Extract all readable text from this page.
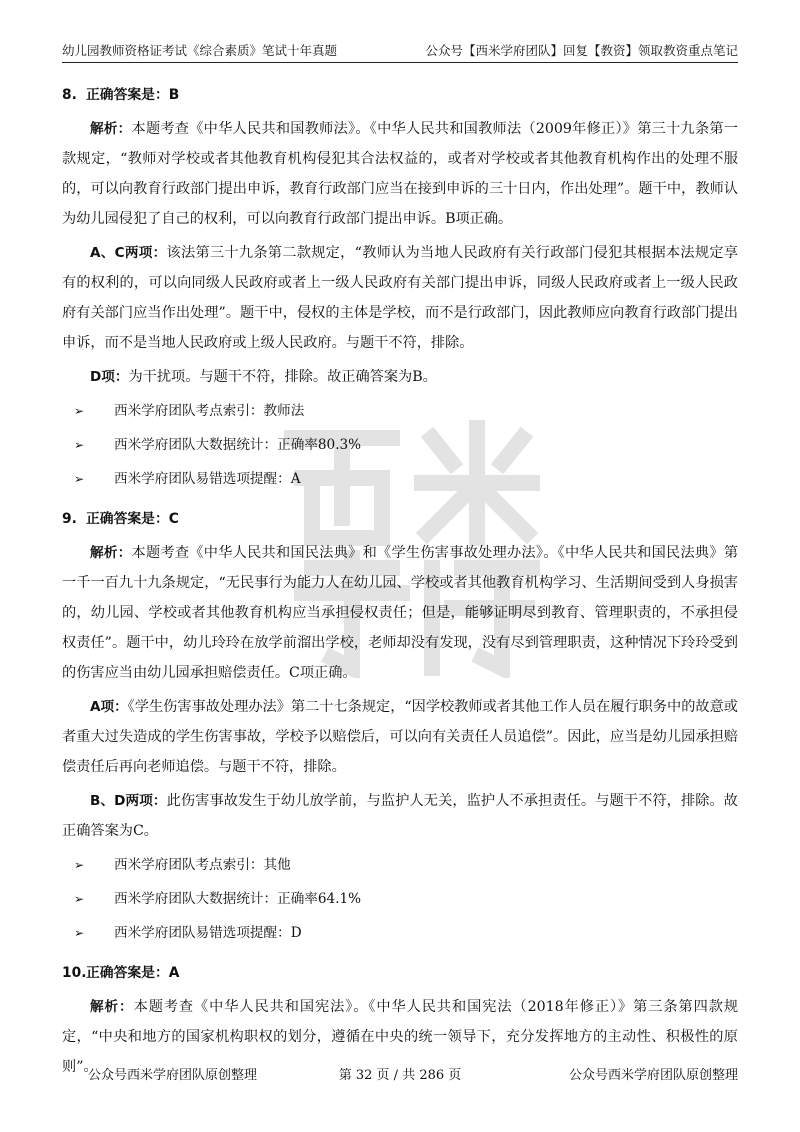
幼儿园教师资格证考试《综合素质》笔试十年真题	公众号【西米学府团队】回复【教资】领取教资重点笔记

8. 正确答案是：B

解析：本题考查《中华人民共和国教师法》。《中华人民共和国教师法（2009年修正）》第三十九条第一款规定，“教师对学校或者其他教育机构侵犯其合法权益的，或者对学校或者其他教育机构作出的处理不服的，可以向教育行政部门提出申诉，教育行政部门应当在接到申诉的三十日内，作出处理”。题干中，教师认为幼儿园侵犯了自己的权利，可以向教育行政部门提出申诉。B项正确。

A、C两项：该法第三十九条第二款规定，“教师认为当地人民政府有关行政部门侵犯其根据本法规定享有的权利的，可以向同级人民政府或者上一级人民政府有关部门提出申诉，同级人民政府或者上一级人民政府有关部门应当作出处理”。题干中，侵权的主体是学校，而不是行政部门，因此教师应向教育行政部门提出申诉，而不是当地人民政府或上级人民政府。与题干不符，排除。

D项：为干扰项。与题干不符，排除。故正确答案为B。

➢ 西米学府团队考点索引：教师法

➢ 西米学府团队大数据统计：正确率80.3%

➢ 西米学府团队易错选项提醒：A

9. 正确答案是：C

解析：本题考查《中华人民共和国民法典》和《学生伤害事故处理办法》。《中华人民共和国民法典》第一千一百九十九条规定，“无民事行为能力人在幼儿园、学校或者其他教育机构学习、生活期间受到人身损害的，幼儿园、学校或者其他教育机构应当承担侵权责任；但是，能够证明尽到教育、管理职责的，不承担侵权责任”。题干中，幼儿玲玲在放学前溜出学校，老师却没有发现，没有尽到管理职责，这种情况下玲玲受到的伤害应当由幼儿园承担赔偿责任。C项正确。

A项：《学生伤害事故处理办法》第二十七条规定，“因学校教师或者其他工作人员在履行职务中的故意或者重大过失造成的学生伤害事故，学校予以赔偿后，可以向有关责任人员追偿”。因此，应当是幼儿园承担赔偿责任后再向老师追偿。与题干不符，排除。

B、D两项：此伤害事故发生于幼儿放学前，与监护人无关，监护人不承担责任。与题干不符，排除。故正确答案为C。

➢ 西米学府团队考点索引：其他

➢ 西米学府团队大数据统计：正确率64.1%

➢ 西米学府团队易错选项提醒：D

10.正确答案是：A

解析：本题考查《中华人民共和国宪法》。《中华人民共和国宪法（2018年修正）》第三条第四款规定，“中央和地方的国家机构职权的划分，遵循在中央的统一领导下，充分发挥地方的主动性、积极性的原则”。

公众号西米学府团队原创整理	第 32 页 / 共 286 页	公众号西米学府团队原创整理
